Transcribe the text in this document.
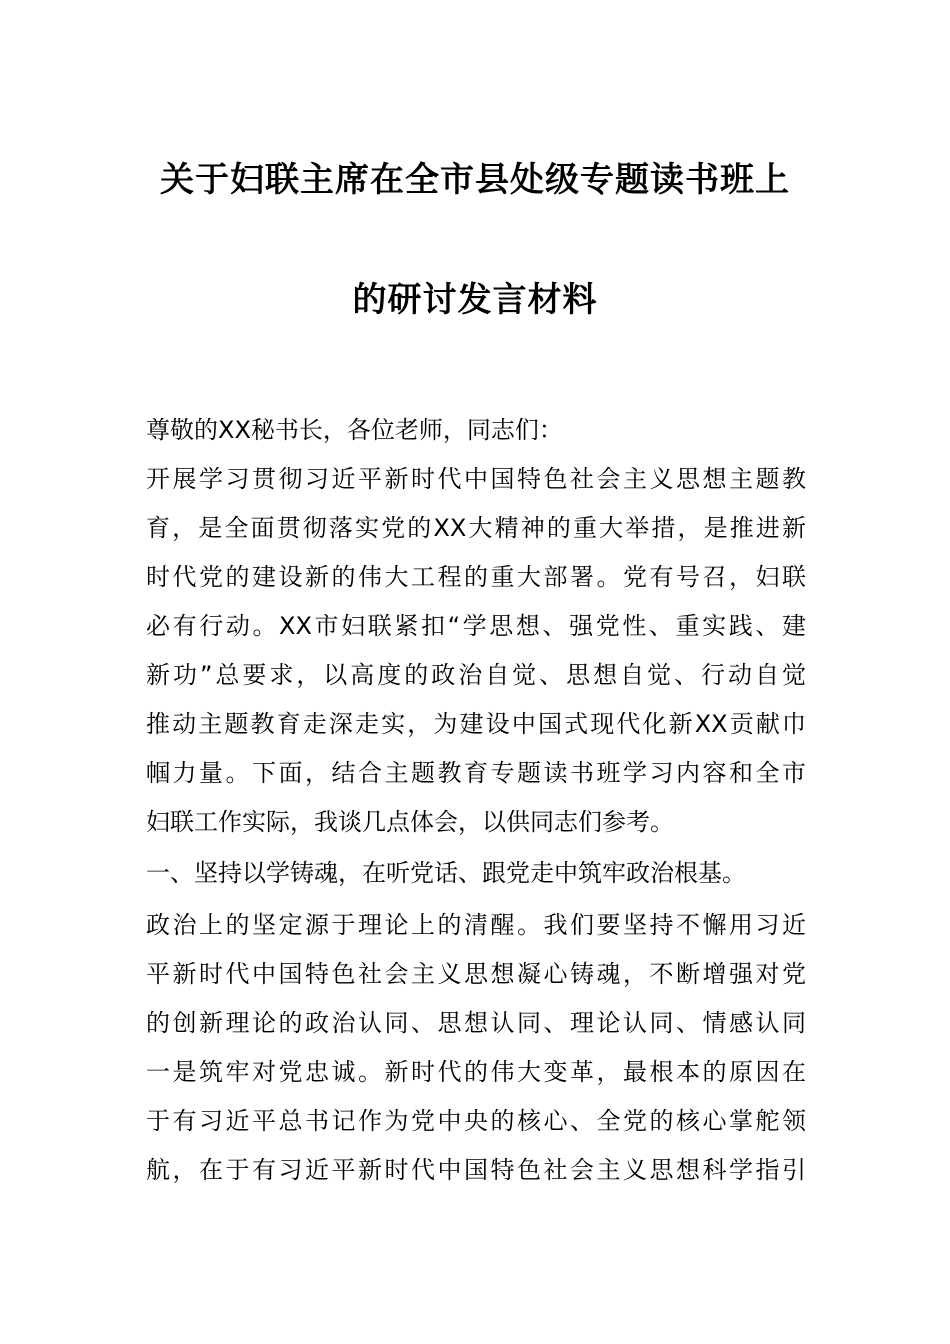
关于妇联主席在全市县处级专题读书班上
的研讨发言材料
尊敬的XX秘书长，各位老师，同志们：
开展学习贯彻习近平新时代中国特色社会主义思想主题教
育，是全面贯彻落实党的XX大精神的重大举措，是推进新
时代党的建设新的伟大工程的重大部署。党有号召，妇联
必有行动。XX市妇联紧扣“学思想、强党性、重实践、建
新功”总要求，以高度的政治自觉、思想自觉、行动自觉
推动主题教育走深走实，为建设中国式现代化新XX贡献巾
帼力量。下面，结合主题教育专题读书班学习内容和全市
妇联工作实际，我谈几点体会，以供同志们参考。
一、坚持以学铸魂，在听党话、跟党走中筑牢政治根基。
政治上的坚定源于理论上的清醒。我们要坚持不懈用习近
平新时代中国特色社会主义思想凝心铸魂，不断增强对党
的创新理论的政治认同、思想认同、理论认同、情感认同
一是筑牢对党忠诚。新时代的伟大变革，最根本的原因在
于有习近平总书记作为党中央的核心、全党的核心掌舵领
航，在于有习近平新时代中国特色社会主义思想科学指引
